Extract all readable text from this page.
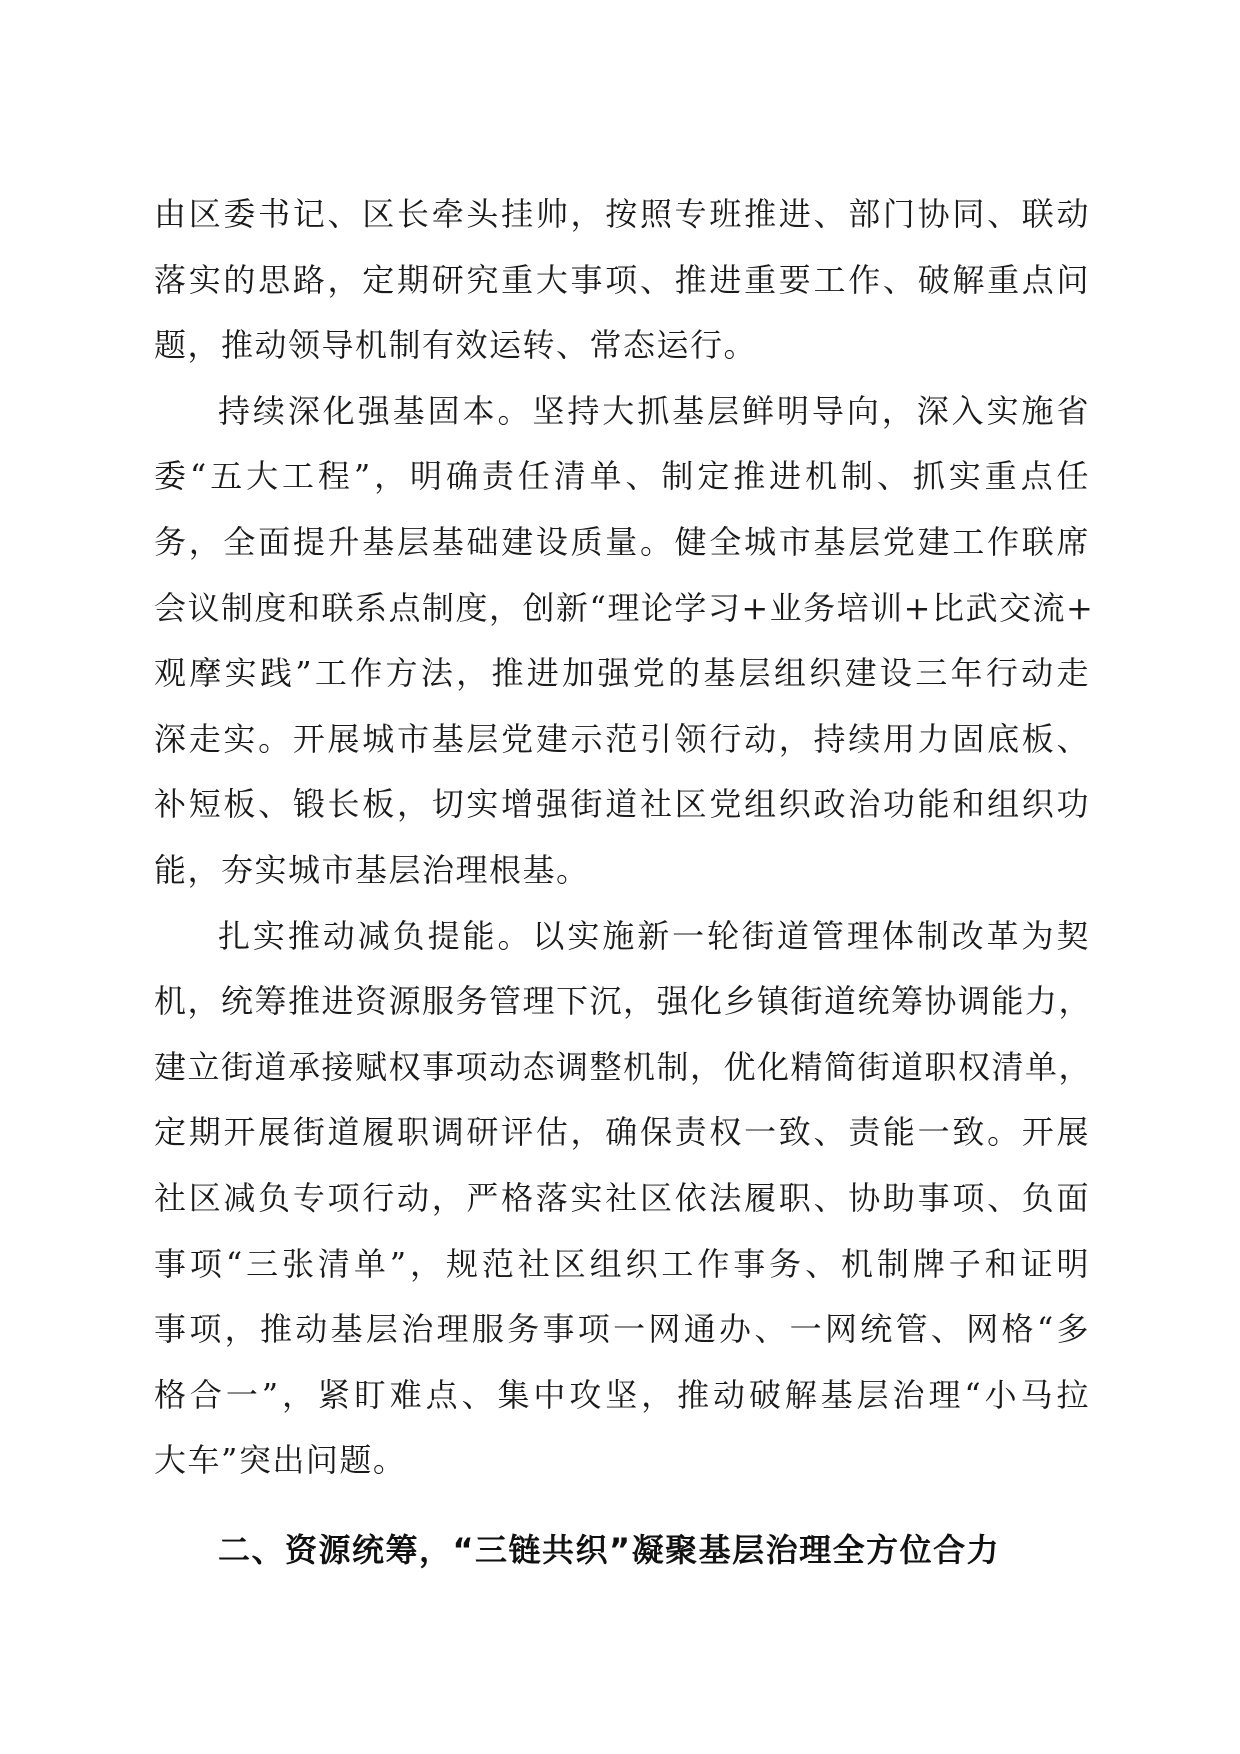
由区委书记、区长牵头挂帅，按照专班推进、部门协同、联动
落实的思路，定期研究重大事项、推进重要工作、破解重点问
题，推动领导机制有效运转、常态运行。
持续深化强基固本。坚持大抓基层鲜明导向，深入实施省
委“五大工程”，明确责任清单、制定推进机制、抓实重点任
务，全面提升基层基础建设质量。健全城市基层党建工作联席
会议制度和联系点制度，创新“理论学习+业务培训+比武交流+
观摩实践”工作方法，推进加强党的基层组织建设三年行动走
深走实。开展城市基层党建示范引领行动，持续用力固底板、
补短板、锻长板，切实增强街道社区党组织政治功能和组织功
能，夯实城市基层治理根基。
扎实推动减负提能。以实施新一轮街道管理体制改革为契
机，统筹推进资源服务管理下沉，强化乡镇街道统筹协调能力，
建立街道承接赋权事项动态调整机制，优化精简街道职权清单，
定期开展街道履职调研评估，确保责权一致、责能一致。开展
社区减负专项行动，严格落实社区依法履职、协助事项、负面
事项“三张清单”，规范社区组织工作事务、机制牌子和证明
事项，推动基层治理服务事项一网通办、一网统管、网格“多
格合一”，紧盯难点、集中攻坚，推动破解基层治理“小马拉
大车”突出问题。
二、资源统筹，“三链共织”凝聚基层治理全方位合力
